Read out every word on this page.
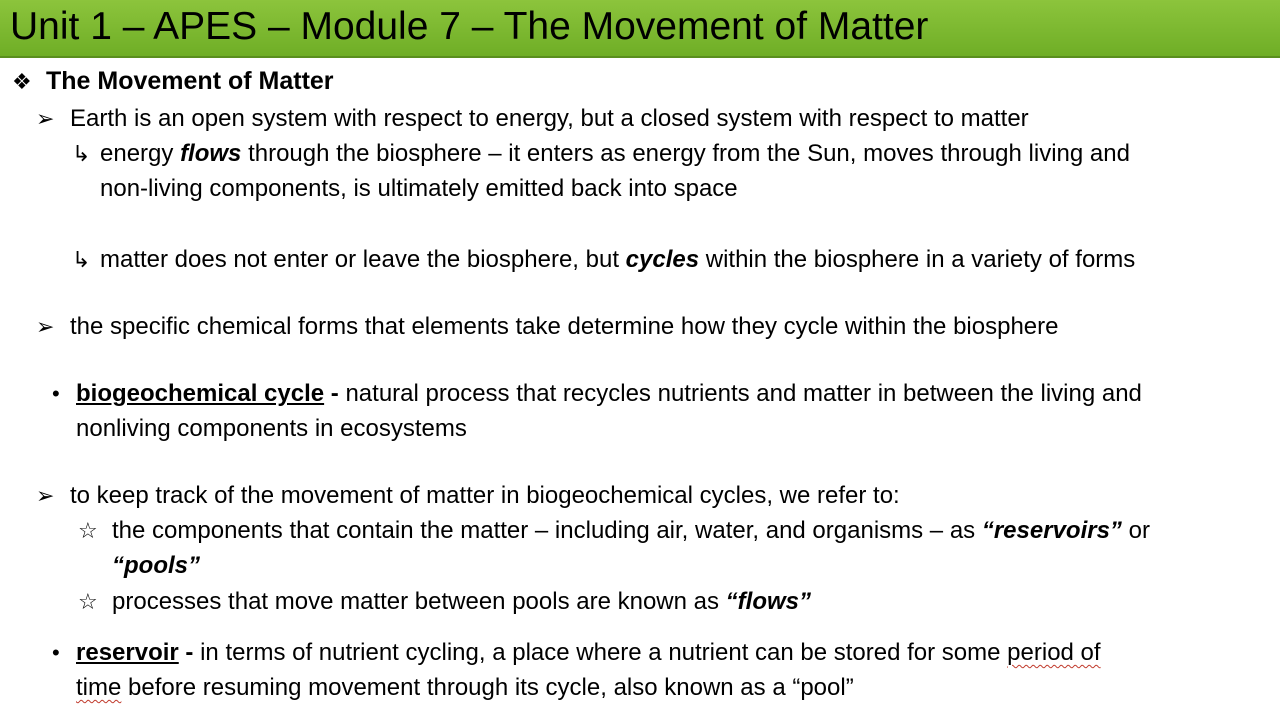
Unit 1 – APES – Module 7 – The Movement of Matter
❖ The Movement of Matter
➢ Earth is an open system with respect to energy, but a closed system with respect to matter
↳ energy flows through the biosphere – it enters as energy from the Sun, moves through living and
non-living components, is ultimately emitted back into space
↳ matter does not enter or leave the biosphere, but cycles within the biosphere in a variety of forms
➢ the specific chemical forms that elements take determine how they cycle within the biosphere
• biogeochemical cycle - natural process that recycles nutrients and matter in between the living and
nonliving components in ecosystems
➢ to keep track of the movement of matter in biogeochemical cycles, we refer to:
☆ the components that contain the matter – including air, water, and organisms – as “reservoirs” or
“pools”
☆ processes that move matter between pools are known as “flows”
• reservoir - in terms of nutrient cycling, a place where a nutrient can be stored for some period of
time before resuming movement through its cycle, also known as a “pool”
